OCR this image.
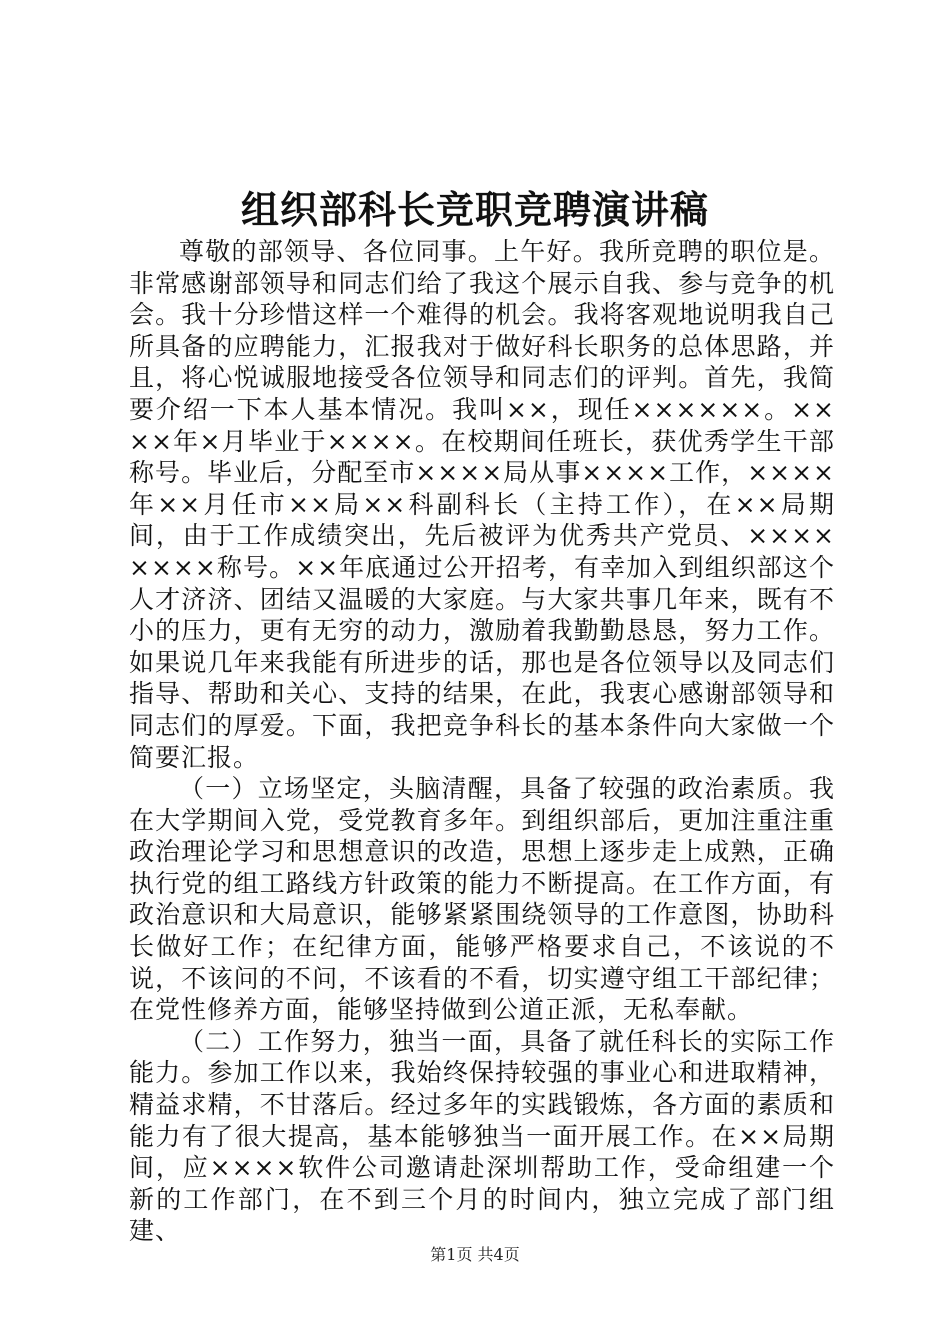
组织部科长竞职竞聘演讲稿

尊敬的部领导、各位同事。上午好。我所竞聘的职位是。非常感谢部领导和同志们给了我这个展示自我、参与竞争的机会。我十分珍惜这样一个难得的机会。我将客观地说明我自己所具备的应聘能力，汇报我对于做好科长职务的总体思路，并且，将心悦诚服地接受各位领导和同志们的评判。首先，我简要介绍一下本人基本情况。我叫××，现任××××××。××××年×月毕业于××××。在校期间任班长，获优秀学生干部称号。毕业后，分配至市××××局从事××××工作，××××年××月任市××局××科副科长（主持工作），在××局期间，由于工作成绩突出，先后被评为优秀共产党员、××××××××称号。××年底通过公开招考，有幸加入到组织部这个人才济济、团结又温暖的大家庭。与大家共事几年来，既有不小的压力，更有无穷的动力，激励着我勤勤恳恳，努力工作。如果说几年来我能有所进步的话，那也是各位领导以及同志们指导、帮助和关心、支持的结果，在此，我衷心感谢部领导和同志们的厚爱。下面，我把竞争科长的基本条件向大家做一个简要汇报。

（一）立场坚定，头脑清醒，具备了较强的政治素质。我在大学期间入党，受党教育多年。到组织部后，更加注重注重政治理论学习和思想意识的改造，思想上逐步走上成熟，正确执行党的组工路线方针政策的能力不断提高。在工作方面，有政治意识和大局意识，能够紧紧围绕领导的工作意图，协助科长做好工作；在纪律方面，能够严格要求自己，不该说的不说，不该问的不问，不该看的不看，切实遵守组工干部纪律；在党性修养方面，能够坚持做到公道正派，无私奉献。

（二）工作努力，独当一面，具备了就任科长的实际工作能力。参加工作以来，我始终保持较强的事业心和进取精神，精益求精，不甘落后。经过多年的实践锻炼，各方面的素质和能力有了很大提高，基本能够独当一面开展工作。在××局期间，应××××软件公司邀请赴深圳帮助工作，受命组建一个新的工作部门，在不到三个月的时间内，独立完成了部门组建、

第1页 共4页
